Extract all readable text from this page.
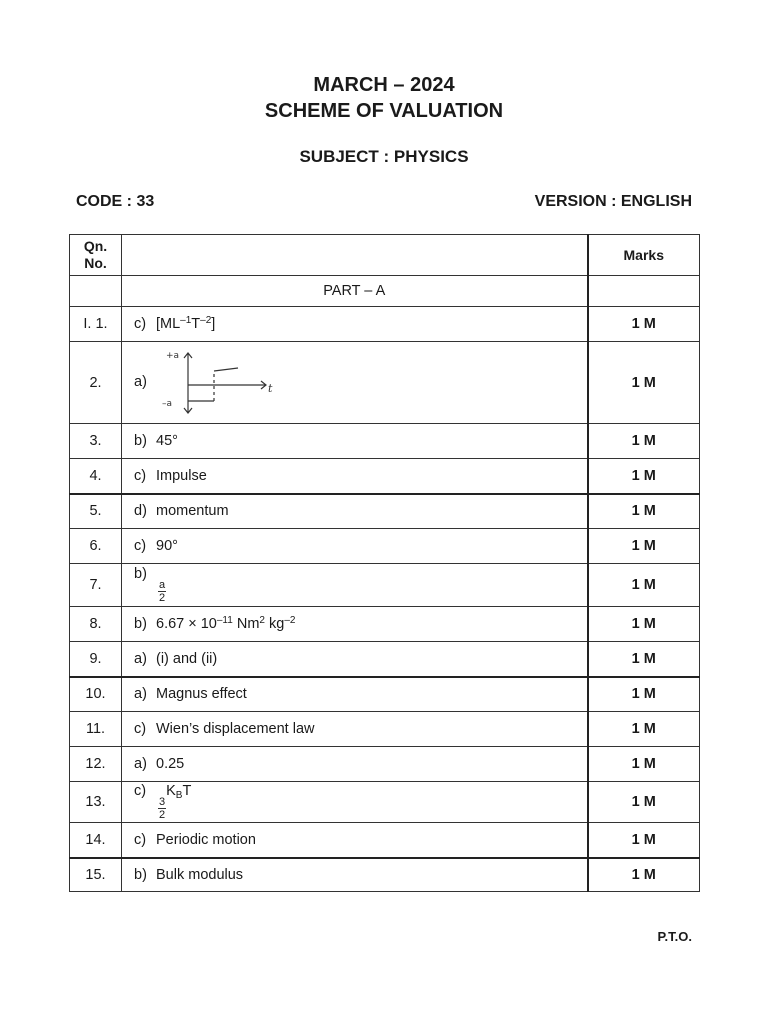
MARCH – 2024
SCHEME OF VALUATION
SUBJECT : PHYSICS
CODE : 33	VERSION : ENGLISH
Qn.
No.		Marks
	PART – A	
I. 1.	c) $[ML^{-1}T^{-2}]$	1 M
2.	a)
+a
–a
t	1 M
3.	b) 45°	1 M
4.	c) Impulse	1 M
5.	d) momentum	1 M
6.	c) 90°	1 M
7.	b)
$\frac{a}{2}$	1 M
8.	b) $6.67 \times 10^{-11}$ Nm$^2$ $kg^{-2}$	1 M
9.	a) (i) and (ii)	1 M
10.	a) Magnus effect	1 M
11.	c) Wien’s displacement law	1 M
12.	a) 0.25	1 M
13.	c)
$\frac{3}{2}$
$K_BT$	1 M
14.	c) Periodic motion	1 M
15.	b) Bulk modulus	1 M
P.T.O.
